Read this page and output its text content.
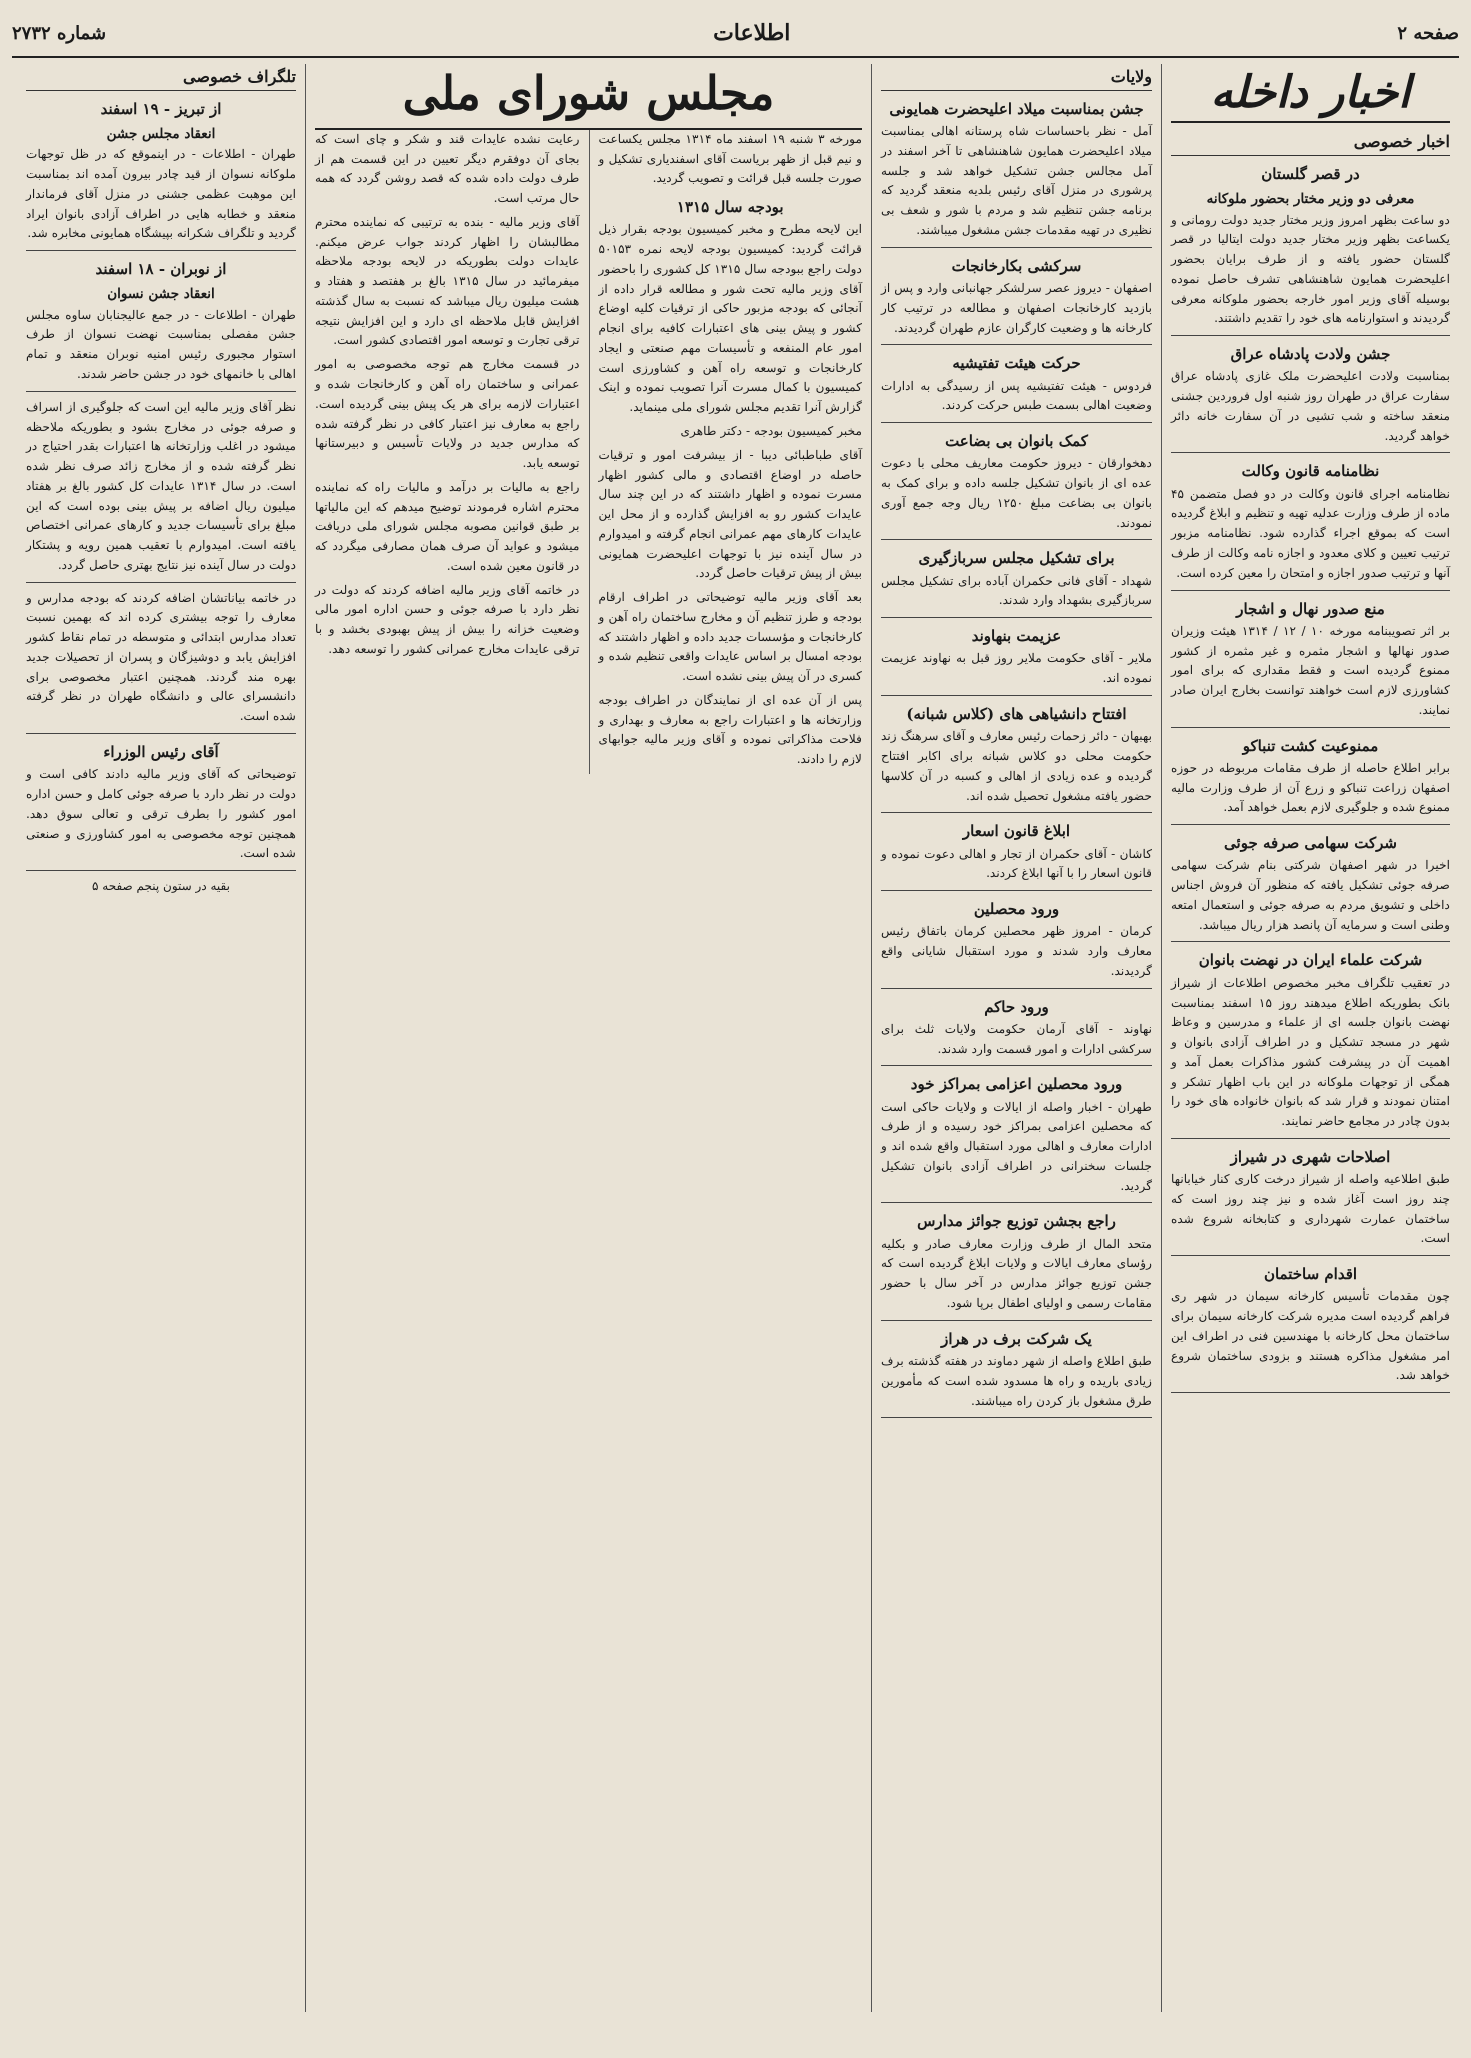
صفحه ۲
اطلاعات
شماره ۲۷۳۲
اخبار داخله
اخبار خصوصی
در قصر گلستان
معرفی دو وزیر مختار بحضور ملوکانه

دو ساعت بظهر امروز وزیر مختار جدید دولت رومانی و یکساعت بظهر وزیر مختار جدید دولت ایتالیا در قصر گلستان حضور یافته و از طرف برایان بحضور اعلیحضرت همایون شاهنشاهی تشرف حاصل نموده بوسیله آقای وزیر امور خارجه بحضور ملوکانه معرفی گردیدند و استوارنامه های خود را تقدیم داشتند.

جشن ولادت پادشاه عراق

بمناسبت ولادت اعلیحضرت ملک غازی پادشاه عراق سفارت عراق در طهران روز شنبه اول فروردین جشنی منعقد ساخته و شب تشیی در آن سفارت خانه دائر خواهد گردید.

نظامنامه قانون وکالت

نظامنامه اجرای قانون وکالت در دو فصل متضمن ۴۵ ماده از طرف وزارت عدلیه تهیه و تنظیم و ابلاغ گردیده است که بموقع اجراء گذارده شود. نظامنامه مزبور ترتیب تعیین و کلای معدود و اجازه نامه وکالت از طرف آنها و ترتیب صدور اجازه و امتحان را معین کرده است.

منع صدور نهال و اشجار

بر اثر تصویبنامه مورخه ۱۰ / ۱۲ / ۱۳۱۴ هیئت وزیران صدور نهالها و اشجار مثمره و غیر مثمره از کشور ممنوع گردیده است و فقط مقداری که برای امور کشاورزی لازم است خواهند توانست بخارج ایران صادر نمایند.

ممنوعیت کشت تنباکو

برابر اطلاع حاصله از طرف مقامات مربوطه در حوزه اصفهان زراعت تنباکو و زرع آن از طرف وزارت مالیه ممنوع شده و جلوگیری لازم بعمل خواهد آمد.

شرکت سهامی صرفه جوئی

اخیرا در شهر اصفهان شرکتی بنام شرکت سهامی صرفه جوئی تشکیل یافته که منظور آن فروش اجناس داخلی و تشویق مردم به صرفه جوئی و استعمال امتعه وطنی است و سرمایه آن پانصد هزار ریال میباشد.

شرکت علماء ایران در نهضت بانوان

در تعقیب تلگراف مخبر مخصوص اطلاعات از شیراز بانک بطوریکه اطلاع میدهند روز ۱۵ اسفند بمناسبت نهضت بانوان جلسه ای از علماء و مدرسین و وعاظ شهر در مسجد تشکیل و در اطراف آزادی بانوان و اهمیت آن در پیشرفت کشور مذاکرات بعمل آمد و همگی از توجهات ملوکانه در این باب اظهار تشکر و امتنان نمودند و قرار شد که بانوان خانواده های خود را بدون چادر در مجامع حاضر نمایند.

اصلاحات شهری در شیراز

طبق اطلاعیه واصله از شیراز درخت کاری کنار خیابانها چند روز است آغاز شده و نیز چند روز است که ساختمان عمارت شهرداری و کتابخانه شروع شده است.

اقدام ساختمان

چون مقدمات تأسیس کارخانه سیمان در شهر ری فراهم گردیده است مدیره شرکت کارخانه سیمان برای ساختمان محل کارخانه با مهندسین فنی در اطراف این امر مشغول مذاکره هستند و بزودی ساختمان شروع خواهد شد.

ولایات
جشن بمناسبت میلاد اعلیحضرت همایونی

آمل - نظر باحساسات شاه پرستانه اهالی بمناسبت میلاد اعلیحضرت همایون شاهنشاهی تا آخر اسفند در آمل مجالس جشن تشکیل خواهد شد و جلسه پرشوری در منزل آقای رئیس بلدیه منعقد گردید که برنامه جشن تنظیم شد و مردم با شور و شعف بی نظیری در تهیه مقدمات جشن مشغول میباشند.

سرکشی بکارخانجات

اصفهان - دیروز عصر سرلشکر جهانبانی وارد و پس از بازدید کارخانجات اصفهان و مطالعه در ترتیب کار کارخانه ها و وضعیت کارگران عازم طهران گردیدند.

حرکت هیئت تفتیشیه

فردوس - هیئت تفتیشیه پس از رسیدگی به ادارات وضعیت اهالی بسمت طبس حرکت کردند.

کمک بانوان بی بضاعت

دهخوارقان - دیروز حکومت معاریف محلی با دعوت عده ای از بانوان تشکیل جلسه داده و برای کمک به بانوان بی بضاعت مبلغ ۱۲۵۰ ریال وجه جمع آوری نمودند.

برای تشکیل مجلس سربازگیری

شهداد - آقای فانی حکمران آباده برای تشکیل مجلس سربازگیری بشهداد وارد شدند.

عزیمت بنهاوند

ملایر - آقای حکومت ملایر روز قبل به نهاوند عزیمت نموده اند.

افتتاح دانشیاهی های (کلاس شبانه)

بهبهان - دائر زحمات رئیس معارف و آقای سرهنگ زند حکومت محلی دو کلاس شبانه برای اکابر افتتاح گردیده و عده زیادی از اهالی و کسبه در آن کلاسها حضور یافته مشغول تحصیل شده اند.

ابلاغ قانون اسعار

کاشان - آقای حکمران از تجار و اهالی دعوت نموده و قانون اسعار را با آنها ابلاغ کردند.

ورود محصلین

کرمان - امروز ظهر محصلین کرمان باتفاق رئیس معارف وارد شدند و مورد استقبال شایانی واقع گردیدند.

ورود حاکم

نهاوند - آقای آرمان حکومت ولایات ثلث برای سرکشی ادارات و امور قسمت وارد شدند.

ورود محصلین اعزامی بمراکز خود

طهران - اخبار واصله از ایالات و ولایات حاکی است که محصلین اعزامی بمراکز خود رسیده و از طرف ادارات معارف و اهالی مورد استقبال واقع شده اند و جلسات سخنرانی در اطراف آزادی بانوان تشکیل گردید.

راجع بجشن توزیع جوائز مدارس

متحد المال از طرف وزارت معارف صادر و بکلیه رؤسای معارف ایالات و ولایات ابلاغ گردیده است که جشن توزیع جوائز مدارس در آخر سال با حضور مقامات رسمی و اولیای اطفال برپا شود.

یک شرکت برف در هراز

طبق اطلاع واصله از شهر دماوند در هفته گذشته برف زیادی باریده و راه ها مسدود شده است که مأمورین طرق مشغول باز کردن راه میباشند.

مجلس شورای ملی

مورخه ۳ شنبه ۱۹ اسفند ماه ۱۳۱۴ مجلس یکساعت و نیم قبل از ظهر بریاست آقای اسفندیاری تشکیل و صورت جلسه قبل قرائت و تصویب گردید.

بودجه سال ۱۳۱۵

این لایحه مطرح و مخبر کمیسیون بودجه بقرار ذیل قرائت گردید: کمیسیون بودجه لایحه نمره ۵۰۱۵۳ دولت راجع ببودجه سال ۱۳۱۵ کل کشوری را باحضور آقای وزیر مالیه تحت شور و مطالعه قرار داده از آنجائی که بودجه مزبور حاکی از ترقیات کلیه اوضاع کشور و پیش بینی های اعتبارات کافیه برای انجام امور عام المنفعه و تأسیسات مهم صنعتی و ایجاد کارخانجات و توسعه راه آهن و کشاورزی است کمیسیون با کمال مسرت آنرا تصویب نموده و اینک گزارش آنرا تقدیم مجلس شورای ملی مینماید.

مخبر کمیسیون بودجه - دکتر طاهری

آقای طباطبائی دیبا - از بیشرفت امور و ترقیات حاصله در اوضاع اقتصادی و مالی کشور اظهار مسرت نموده و اظهار داشتند که در این چند سال عایدات کشور رو به افزایش گذارده و از محل این عایدات کارهای مهم عمرانی انجام گرفته و امیدوارم در سال آینده نیز با توجهات اعلیحضرت همایونی بیش از پیش ترقیات حاصل گردد.

بعد آقای وزیر مالیه توضیحاتی در اطراف ارقام بودجه و طرز تنظیم آن و مخارج ساختمان راه آهن و کارخانجات و مؤسسات جدید داده و اظهار داشتند که بودجه امسال بر اساس عایدات واقعی تنظیم شده و کسری در آن پیش بینی نشده است.

پس از آن عده ای از نمایندگان در اطراف بودجه وزارتخانه ها و اعتبارات راجع به معارف و بهداری و فلاحت مذاکراتی نموده و آقای وزیر مالیه جوابهای لازم را دادند.

رعایت نشده عایدات قند و شکر و چای است که بجای آن دوفقرم دیگر تعیین در این قسمت هم از طرف دولت داده شده که قصد روشن گردد که همه حال مرتب است.

آقای وزیر مالیه - بنده به ترتیبی که نماینده محترم مطالبشان را اظهار کردند جواب عرض میکنم. عایدات دولت بطوریکه در لایحه بودجه ملاحظه میفرمائید در سال ۱۳۱۵ بالغ بر هفتصد و هفتاد و هشت میلیون ریال میباشد که نسبت به سال گذشته افزایش قابل ملاحظه ای دارد و این افزایش نتیجه ترقی تجارت و توسعه امور اقتصادی کشور است.

در قسمت مخارج هم توجه مخصوصی به امور عمرانی و ساختمان راه آهن و کارخانجات شده و اعتبارات لازمه برای هر یک پیش بینی گردیده است. راجع به معارف نیز اعتبار کافی در نظر گرفته شده که مدارس جدید در ولایات تأسیس و دبیرستانها توسعه یابد.

راجع به مالیات بر درآمد و مالیات راه که نماینده محترم اشاره فرمودند توضیح میدهم که این مالیاتها بر طبق قوانین مصوبه مجلس شورای ملی دریافت میشود و عواید آن صرف همان مصارفی میگردد که در قانون معین شده است.

در خاتمه آقای وزیر مالیه اضافه کردند که دولت در نظر دارد با صرفه جوئی و حسن اداره امور مالی وضعیت خزانه را بیش از پیش بهبودی بخشد و با ترقی عایدات مخارج عمرانی کشور را توسعه دهد.

تلگراف خصوصی
از تبریز - ۱۹ اسفند
انعقاد مجلس جشن

طهران - اطلاعات - در اینموقع که در ظل توجهات ملوکانه نسوان از قید چادر بیرون آمده اند بمناسبت این موهبت عظمی جشنی در منزل آقای فرماندار منعقد و خطابه هایی در اطراف آزادی بانوان ایراد گردید و تلگراف شکرانه بپیشگاه همایونی مخابره شد.

از نوبران - ۱۸ اسفند
انعقاد جشن نسوان

طهران - اطلاعات - در جمع عالیجنابان ساوه مجلس جشن مفصلی بمناسبت نهضت نسوان از طرف استوار مجبوری رئیس امنیه نوبران منعقد و تمام اهالی با خانمهای خود در جشن حاضر شدند.

نظر آقای وزیر مالیه این است که جلوگیری از اسراف و صرفه جوئی در مخارج بشود و بطوریکه ملاحظه میشود در اغلب وزارتخانه ها اعتبارات بقدر احتیاج در نظر گرفته شده و از مخارج زائد صرف نظر شده است. در سال ۱۳۱۴ عایدات کل کشور بالغ بر هفتاد میلیون ریال اضافه بر پیش بینی بوده است که این مبلغ برای تأسیسات جدید و کارهای عمرانی اختصاص یافته است. امیدوارم با تعقیب همین رویه و پشتکار دولت در سال آینده نیز نتایج بهتری حاصل گردد.

در خاتمه بیاناتشان اضافه کردند که بودجه مدارس و معارف را توجه بیشتری کرده اند که بهمین نسبت تعداد مدارس ابتدائی و متوسطه در تمام نقاط کشور افزایش یابد و دوشیزگان و پسران از تحصیلات جدید بهره مند گردند. همچنین اعتبار مخصوصی برای دانشسرای عالی و دانشگاه طهران در نظر گرفته شده است.

آقای رئیس الوزراء

توضیحاتی که آقای وزیر مالیه دادند کافی است و دولت در نظر دارد با صرفه جوئی کامل و حسن اداره امور کشور را بطرف ترقی و تعالی سوق دهد. همچنین توجه مخصوصی به امور کشاورزی و صنعتی شده است.

بقیه در ستون پنجم صفحه ۵
